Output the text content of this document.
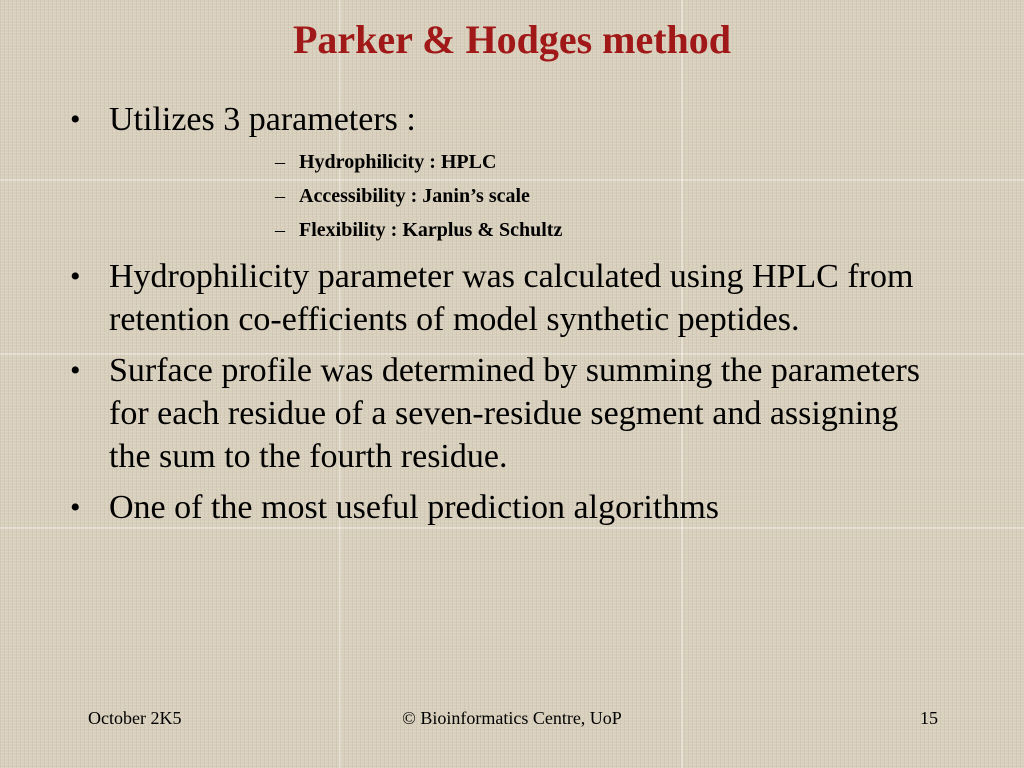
Parker & Hodges method
• Utilizes 3 parameters :
– Hydrophilicity : HPLC
– Accessibility : Janin’s scale
– Flexibility : Karplus & Schultz
• Hydrophilicity parameter was calculated using HPLC from retention co-efficients of model synthetic peptides.
• Surface profile was determined by summing the parameters for each residue of a seven-residue segment and assigning the sum to the fourth residue.
• One of the most useful prediction algorithms
October 2K5	© Bioinformatics Centre, UoP	15
